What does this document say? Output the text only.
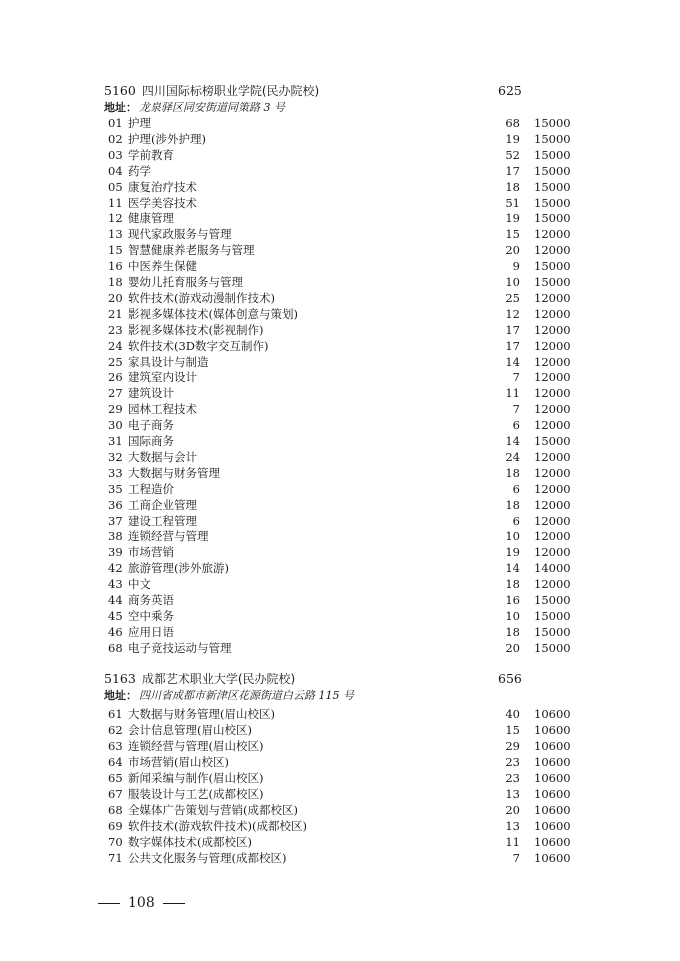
5160 四川国际标榜职业学院(民办院校)	625
地址： 龙泉驿区同安街道同策路 3 号
01 护理	68 15000
02 护理(涉外护理)	19 15000
03 学前教育	52 15000
04 药学	17 15000
05 康复治疗技术	18 15000
11 医学美容技术	51 15000
12 健康管理	19 15000
13 现代家政服务与管理	15 12000
15 智慧健康养老服务与管理	20 12000
16 中医养生保健	9 15000
18 婴幼儿托育服务与管理	10 15000
20 软件技术(游戏动漫制作技术)	25 12000
21 影视多媒体技术(媒体创意与策划)	12 12000
23 影视多媒体技术(影视制作)	17 12000
24 软件技术(3D数字交互制作)	17 12000
25 家具设计与制造	14 12000
26 建筑室内设计	7 12000
27 建筑设计	11 12000
29 园林工程技术	7 12000
30 电子商务	6 12000
31 国际商务	14 15000
32 大数据与会计	24 12000
33 大数据与财务管理	18 12000
35 工程造价	6 12000
36 工商企业管理	18 12000
37 建设工程管理	6 12000
38 连锁经营与管理	10 12000
39 市场营销	19 12000
42 旅游管理(涉外旅游)	14 14000
43 中文	18 12000
44 商务英语	16 15000
45 空中乘务	10 15000
46 应用日语	18 15000
68 电子竞技运动与管理	20 15000
5163 成都艺术职业大学(民办院校)	656
地址： 四川省成都市新津区花源街道白云路 115 号
61 大数据与财务管理(眉山校区)	40 10600
62 会计信息管理(眉山校区)	15 10600
63 连锁经营与管理(眉山校区)	29 10600
64 市场营销(眉山校区)	23 10600
65 新闻采编与制作(眉山校区)	23 10600
67 服装设计与工艺(成都校区)	13 10600
68 全媒体广告策划与营销(成都校区)	20 10600
69 软件技术(游戏软件技术)(成都校区)	13 10600
70 数字媒体技术(成都校区)	11 10600
71 公共文化服务与管理(成都校区)	7 10600
108
